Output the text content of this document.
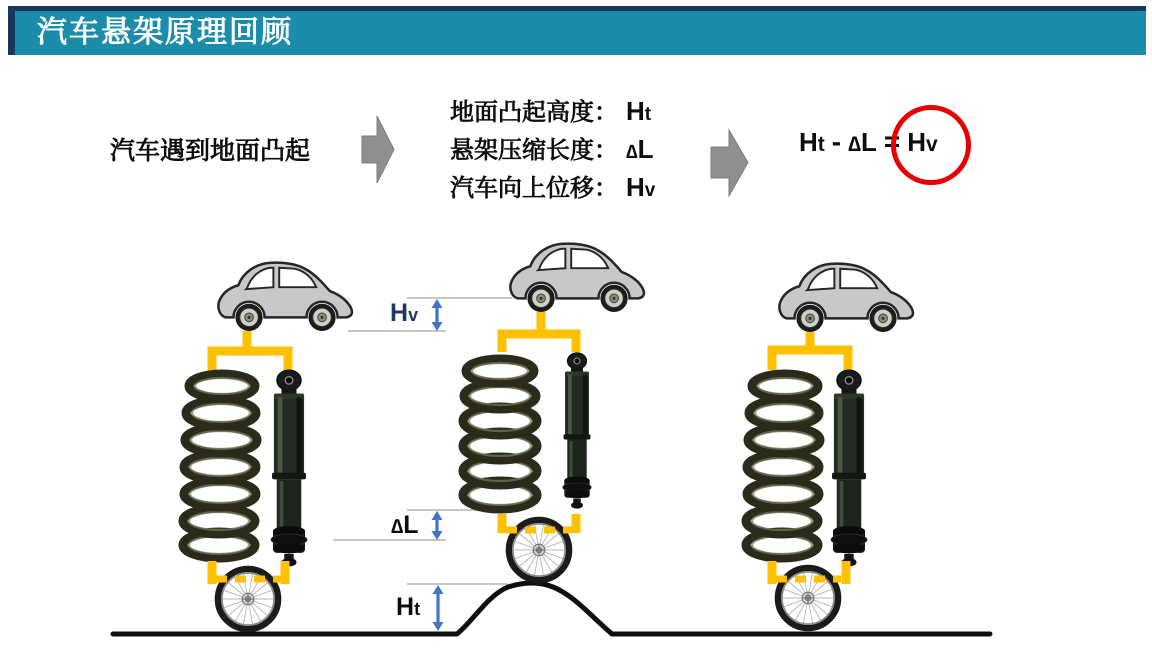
汽车悬架原理回顾
汽车遇到地面凸起
地面凸起高度： Ht
悬架压缩长度： ∆L
汽车向上位移： Hv
Ht - ∆L = Hv
Hv
∆L
Ht
